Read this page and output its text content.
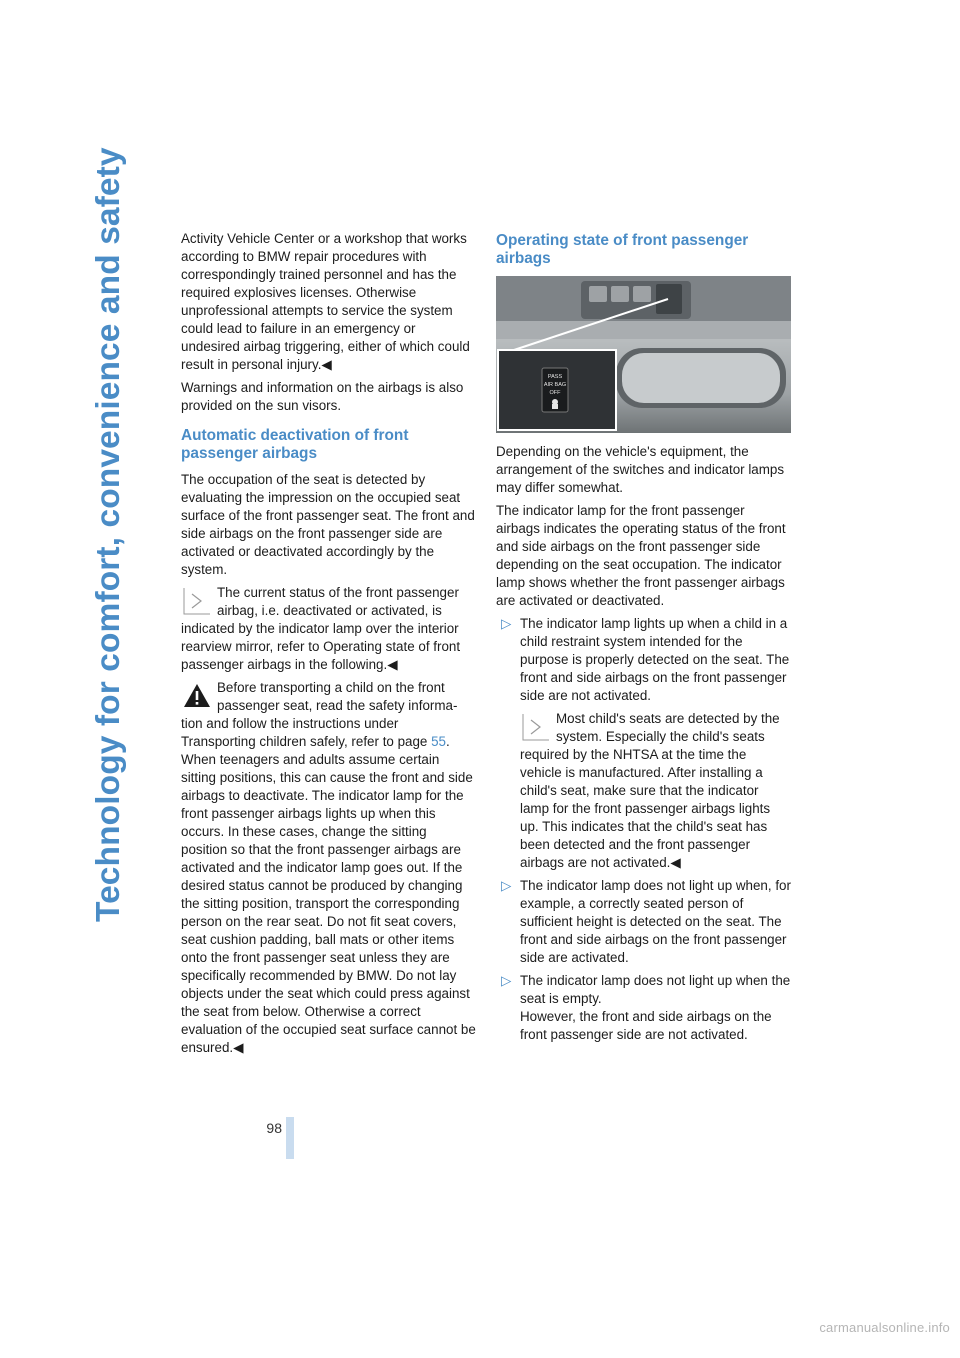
Technology for comfort, convenience and safety	Activity Vehicle Center or a workshop that works according to BMW repair procedures with correspondingly trained personnel and has the required explosives licenses. Otherwise unprofessional attempts to service the system could lead to failure in an emergency or undesired airbag triggering, either of which could result in personal injury.◀

Warnings and information on the airbags is also provided on the sun visors.

Automatic deactivation of front passenger airbags

The occupation of the seat is detected by evaluating the impression on the occupied seat surface of the front passenger seat. The front and side airbags on the front passenger side are activated or deactivated accordingly by the system.

The current status of the front passenger airbag, i.e. deactivated or activated, is
indicated by the indicator lamp over the interior rearview mirror, refer to Operating state of front passenger airbags in the following.◀
Before transporting a child on the front passenger seat, read the safety informa-
tion and follow the instructions under Transporting children safely, refer to page 55.
When teenagers and adults assume certain sitting positions, this can cause the front and side airbags to deactivate. The indicator lamp for the front passenger airbags lights up when this occurs. In these cases, change the sitting position so that the front passenger airbags are activated and the indicator lamp goes out. If the desired status cannot be produced by changing the sitting position, transport the corresponding person on the rear seat. Do not fit seat covers, seat cushion padding, ball mats or other items onto the front passenger seat unless they are specifically recommended by BMW. Do not lay objects under the seat which could press against the seat from below. Otherwise a correct evaluation of the occupied seat surface cannot be ensured.◀
Operating state of front passenger airbags
PASS
AIR BAG
OFF

Depending on the vehicle's equipment, the arrangement of the switches and indicator lamps may differ somewhat.

The indicator lamp for the front passenger airbags indicates the operating status of the front and side airbags on the front passenger side depending on the seat occupation. The indicator lamp shows whether the front passenger airbags are activated or deactivated.

▷ The indicator lamp lights up when a child in a child restraint system intended for the purpose is properly detected on the seat. The front and side airbags on the front passenger side are not activated.
Most child's seats are detected by the system. Especially the child's seats
required by the NHTSA at the time the vehicle is manufactured. After installing a child's seat, make sure that the indicator lamp for the front passenger airbags lights up. This indicates that the child's seat has been detected and the front passenger airbags are not activated.◀
▷ The indicator lamp does not light up when, for example, a correctly seated person of sufficient height is detected on the seat. The front and side airbags on the front passenger side are activated.
▷ The indicator lamp does not light up when the seat is empty.
However, the front and side airbags on the front passenger side are not activated.
98
carmanualsonline.info
